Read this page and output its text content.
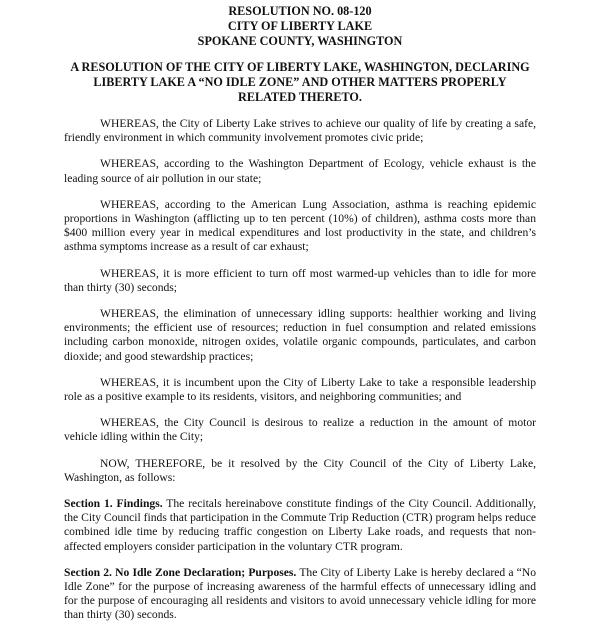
RESOLUTION NO. 08-120
CITY OF LIBERTY LAKE
SPOKANE COUNTY, WASHINGTON
A RESOLUTION OF THE CITY OF LIBERTY LAKE, WASHINGTON, DECLARING
LIBERTY LAKE A “NO IDLE ZONE” AND OTHER MATTERS PROPERLY
RELATED THERETO.

WHEREAS, the City of Liberty Lake strives to achieve our quality of life by creating a safe, friendly environment in which community involvement promotes civic pride;

WHEREAS, according to the Washington Department of Ecology, vehicle exhaust is the leading source of air pollution in our state;

WHEREAS, according to the American Lung Association, asthma is reaching epidemic proportions in Washington (afflicting up to ten percent (10%) of children), asthma costs more than $400 million every year in medical expenditures and lost productivity in the state, and children’s asthma symptoms increase as a result of car exhaust;

WHEREAS, it is more efficient to turn off most warmed-up vehicles than to idle for more than thirty (30) seconds;

WHEREAS, the elimination of unnecessary idling supports: healthier working and living environments; the efficient use of resources; reduction in fuel consumption and related emissions including carbon monoxide, nitrogen oxides, volatile organic compounds, particulates, and carbon dioxide; and good stewardship practices;

WHEREAS, it is incumbent upon the City of Liberty Lake to take a responsible leadership role as a positive example to its residents, visitors, and neighboring communities; and

WHEREAS, the City Council is desirous to realize a reduction in the amount of motor vehicle idling within the City;

NOW, THEREFORE, be it resolved by the City Council of the City of Liberty Lake, Washington, as follows:

Section 1. Findings. The recitals hereinabove constitute findings of the City Council. Additionally, the City Council finds that participation in the Commute Trip Reduction (CTR) program helps reduce combined idle time by reducing traffic congestion on Liberty Lake roads, and requests that non-affected employers consider participation in the voluntary CTR program.

Section 2. No Idle Zone Declaration; Purposes. The City of Liberty Lake is hereby declared a “No Idle Zone” for the purpose of increasing awareness of the harmful effects of unnecessary idling and for the purpose of encouraging all residents and visitors to avoid unnecessary vehicle idling for more than thirty (30) seconds.
